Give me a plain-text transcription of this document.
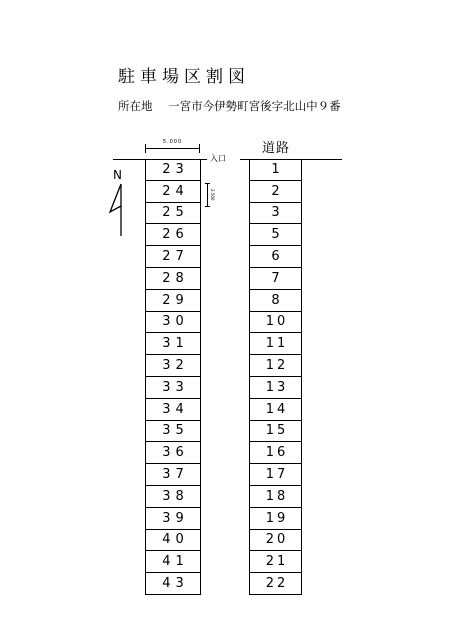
駐車場区割図
所在地 一宮市今伊勢町宮後字北山中９番
道路
5.000
入口
2.500
N	23
24
25
26
27
28
29
30
31
32
33
34
35
36
37
38
39
40
41
43
1
2
3
5
6
7
8
10
11
12
13
14
15
16
17
18
19
20
21
22
